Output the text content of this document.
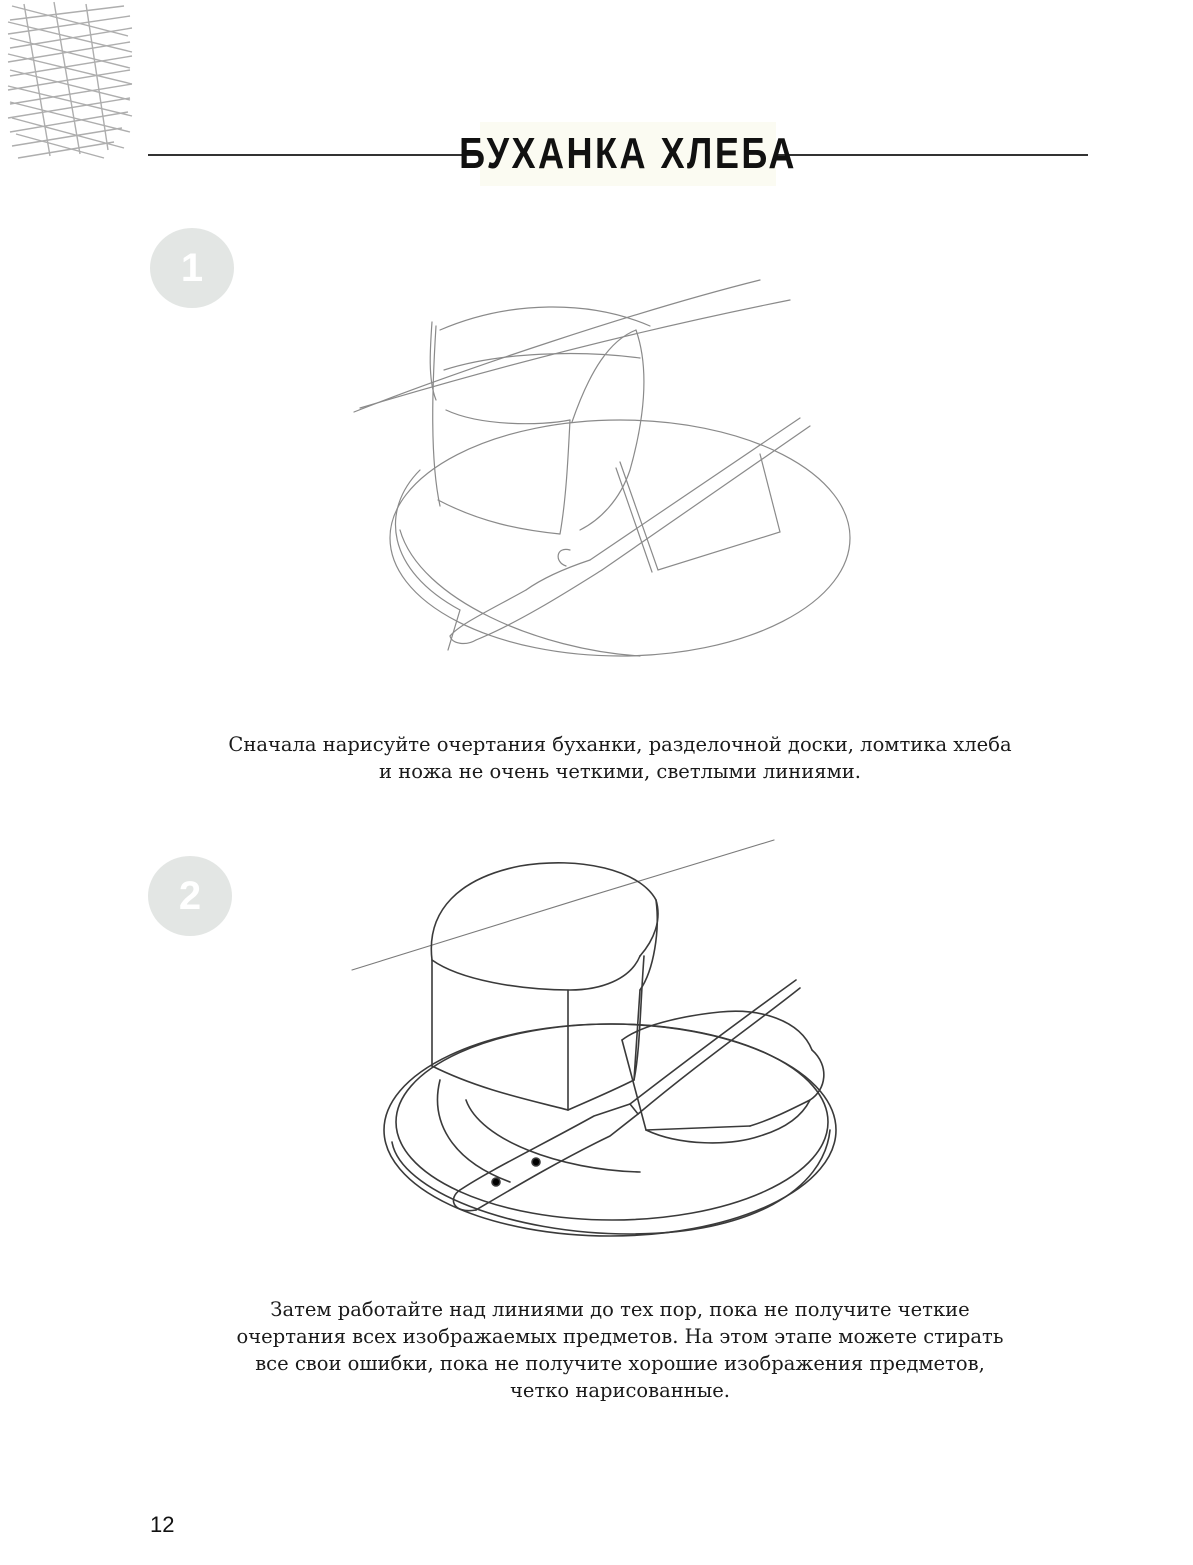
БУХАНКА ХЛЕБА
1
Сначала нарисуйте очертания буханки, разделочной доски, ломтика хлеба
и ножа не очень четкими, светлыми линиями.
2
Затем работайте над линиями до тех пор, пока не получите четкие
очертания всех изображаемых предметов. На этом этапе можете стирать
все свои ошибки, пока не получите хорошие изображения предметов,
четко нарисованные.
12
